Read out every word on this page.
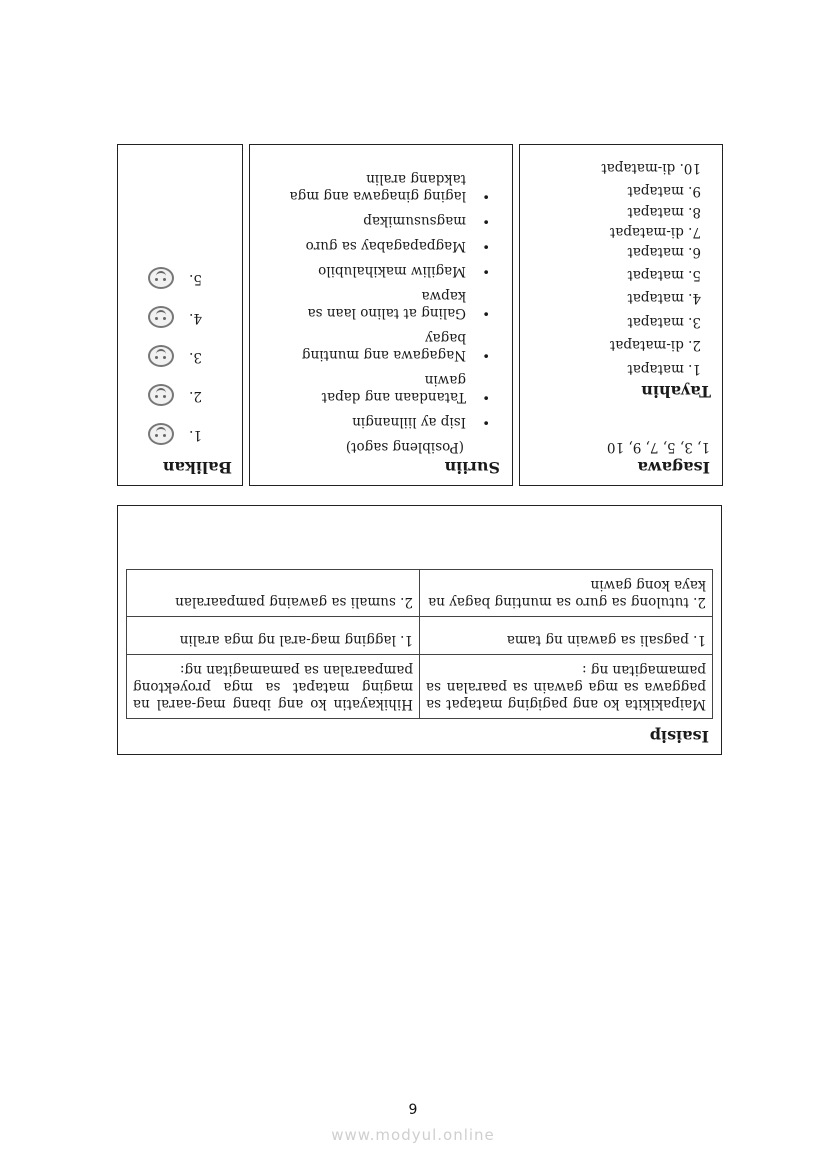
Isagawa
1, 3, 5, 7, 9, 10
Tayahin
1. matapat
2. di-matapat
3. matapat
4. matapat
5. matapat
6. matapat
7. di-matapat
8. matapat
9. matapat
10. di-matapat
Suriin
(Posibleng sagot)
• Isip ay liilnangin
• Tatandaan ang dapat gawin
• Nagagawa ang munting bagay
• Galing at talino laan sa kapwa
• Magiliw makihalubilo
• Magpapagabay sa guro
• magsusumikap
• laging ginagawa ang mga takdang aralin
Balikan
1.
2.
3.
4.
5.
Isaisip
Maipakikita ko ang pagiging matapat sa paggawa sa mga gawain sa paaralan sa pamamagitan ng :	Hihikayatin ko ang ibang mag-aaral na maging matapat sa mga proyektong pampaaralan sa pamamagitan ng:
1. pagsali sa gawain ng tama	1. lagging mag-aral ng mga aralin
2. tutulong sa guro sa munting bagay na kaya kong gawin	2. sumali sa gawaing pampaaralan
9
www.modyul.online
